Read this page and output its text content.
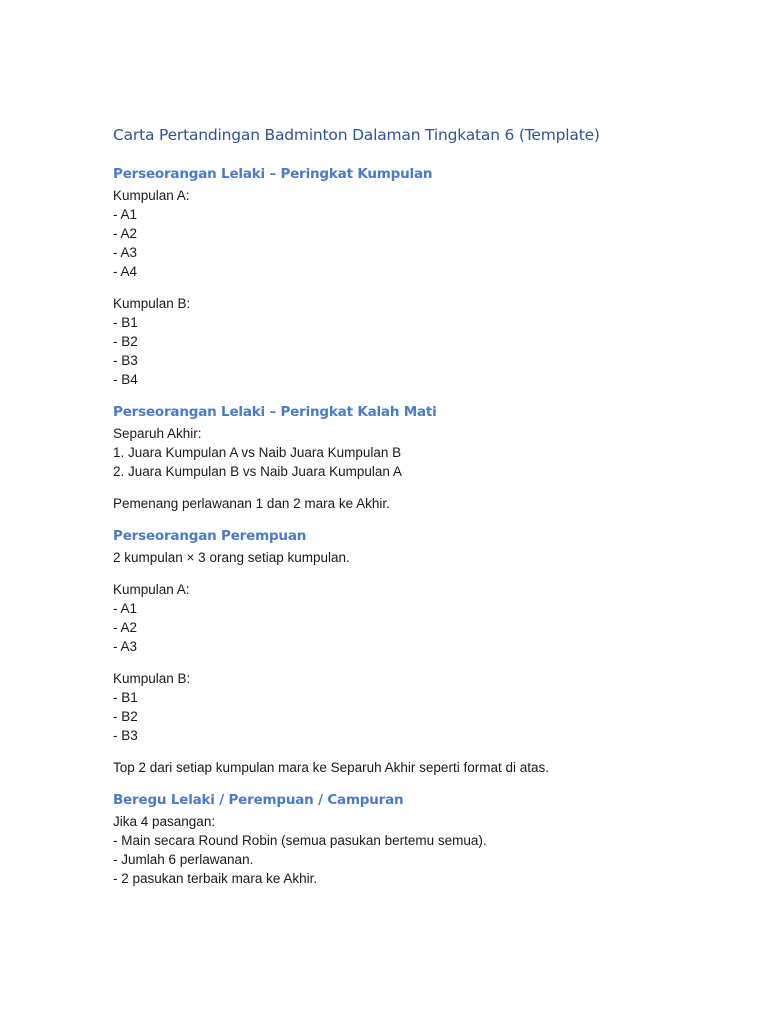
Carta Pertandingan Badminton Dalaman Tingkatan 6 (Template)
Perseorangan Lelaki – Peringkat Kumpulan

Kumpulan A:

- A1

- A2

- A3

- A4

Kumpulan B:

- B1

- B2

- B3

- B4

Perseorangan Lelaki – Peringkat Kalah Mati

Separuh Akhir:

1. Juara Kumpulan A vs Naib Juara Kumpulan B

2. Juara Kumpulan B vs Naib Juara Kumpulan A

Pemenang perlawanan 1 dan 2 mara ke Akhir.

Perseorangan Perempuan

2 kumpulan × 3 orang setiap kumpulan.

Kumpulan A:

- A1

- A2

- A3

Kumpulan B:

- B1

- B2

- B3

Top 2 dari setiap kumpulan mara ke Separuh Akhir seperti format di atas.

Beregu Lelaki / Perempuan / Campuran

Jika 4 pasangan:

- Main secara Round Robin (semua pasukan bertemu semua).

- Jumlah 6 perlawanan.

- 2 pasukan terbaik mara ke Akhir.
